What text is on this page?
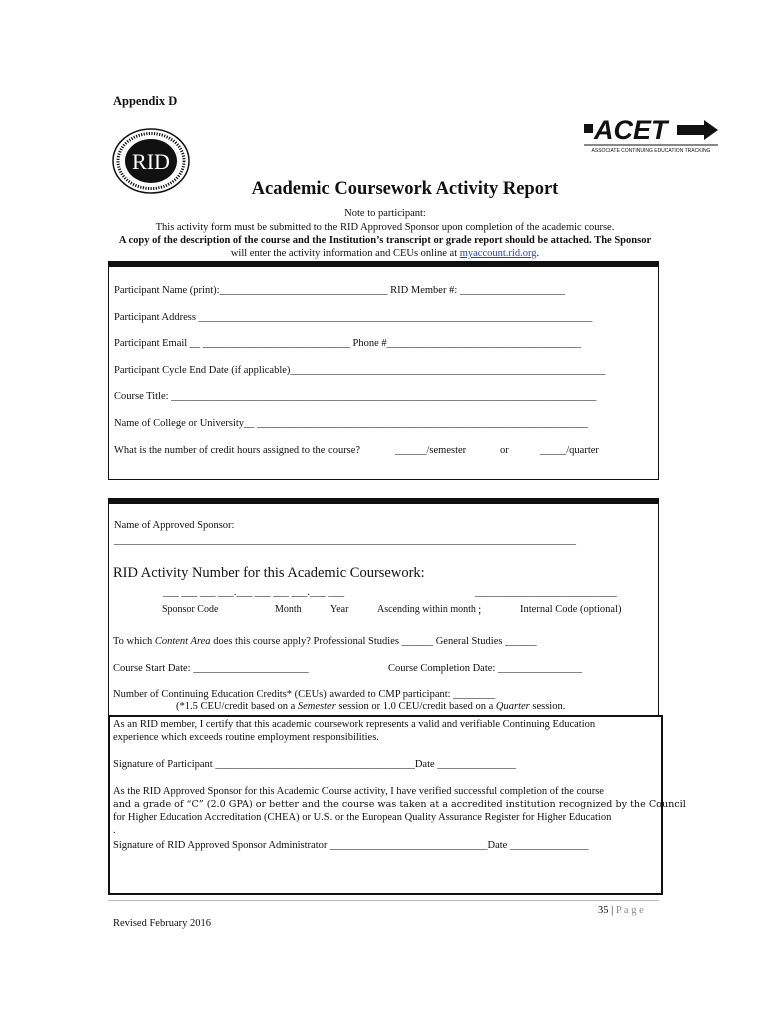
Appendix D
RID
ACET
ASSOCIATE CONTINUING EDUCATION TRACKING
Academic Coursework Activity Report
Note to participant:
This activity form must be submitted to the RID Approved Sponsor upon completion of the academic course.
A copy of the description of the course and the Institution’s transcript or grade report should be attached. The Sponsor
will enter the activity information and CEUs online at myaccount.rid.org.
Participant Name (print):________________________________ RID Member #: ____________________
Participant Address ___________________________________________________________________________
Participant Email __ ____________________________ Phone #_____________________________________
Participant Cycle End Date (if applicable)____________________________________________________________
Course Title: _________________________________________________________________________________
Name of College or University__ _______________________________________________________________
What is the number of credit hours assigned to the course?	______/semester	or	_____/quarter
Name of Approved Sponsor:
________________________________________________________________________________________
RID Activity Number for this Academic Coursework:
___ ___ ___ ___.___ ___ ___ ___.___ ___	___________________________
Sponsor Code	Month	Year	Ascending within month ;	Internal Code (optional)
To which Content Area does this course apply? Professional Studies ______ General Studies ______
Course Start Date: ______________________	Course Completion Date: ________________
Number of Continuing Education Credits* (CEUs) awarded to CMP participant: ________
(*1.5 CEU/credit based on a Semester session or 1.0 CEU/credit based on a Quarter session.
As an RID member, I certify that this academic coursework represents a valid and verifiable Continuing Education
experience which exceeds routine employment responsibilities.
Signature of Participant ______________________________________Date _______________
As the RID Approved Sponsor for this Academic Course activity, I have verified successful completion of the course
and a grade of “C” (2.0 GPA) or better and the course was taken at a accredited institution recognized by the Council
for Higher Education Accreditation (CHEA) or U.S. or the European Quality Assurance Register for Higher Education
.
Signature of RID Approved Sponsor Administrator ______________________________Date _______________
35 | P a g e
Revised February 2016
